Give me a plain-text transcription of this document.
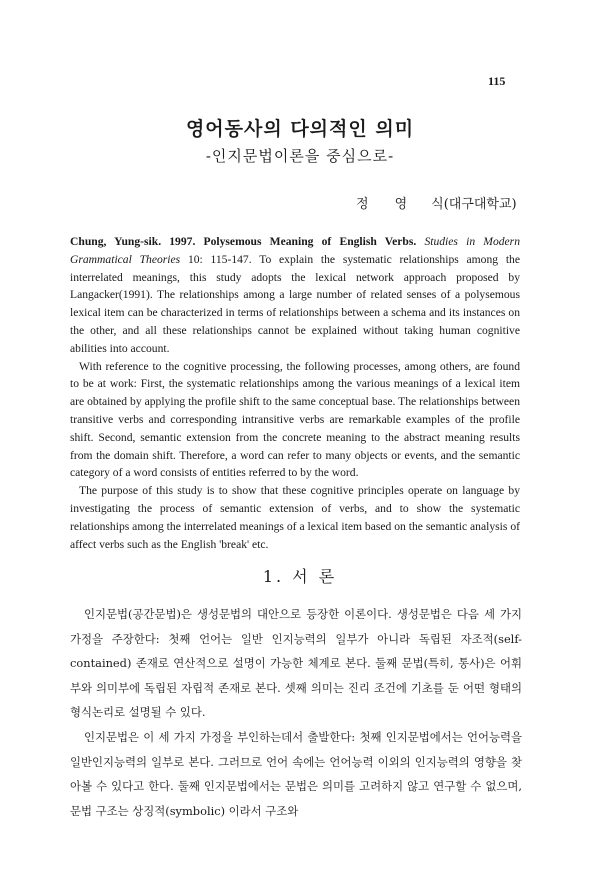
115
영어동사의 다의적인 의미
-인지문법이론을 중심으로-
정 영 식(대구대학교)

Chung, Yung-sik. 1997. Polysemous Meaning of English Verbs. Studies in Modern Grammatical Theories 10: 115-147. To explain the systematic relationships among the interrelated meanings, this study adopts the lexical network approach proposed by Langacker(1991). The relationships among a large number of related senses of a polysemous lexical item can be characterized in terms of relationships between a schema and its instances on the other, and all these relationships cannot be explained without taking human cognitive abilities into account.

With reference to the cognitive processing, the following processes, among others, are found to be at work: First, the systematic relationships among the various meanings of a lexical item are obtained by applying the profile shift to the same conceptual base. The relationships between transitive verbs and corresponding intransitive verbs are remarkable examples of the profile shift. Second, semantic extension from the concrete meaning to the abstract meaning results from the domain shift. Therefore, a word can refer to many objects or events, and the semantic category of a word consists of entities referred to by the word.

The purpose of this study is to show that these cognitive principles operate on language by investigating the process of semantic extension of verbs, and to show the systematic relationships among the interrelated meanings of a lexical item based on the semantic analysis of affect verbs such as the English 'break' etc.

1. 서 론

인지문법(공간문법)은 생성문법의 대안으로 등장한 이론이다. 생성문법은 다음 세 가지 가정을 주장한다: 첫째 언어는 일반 인지능력의 일부가 아니라 독립된 자조적(self-contained) 존재로 연산적으로 설명이 가능한 체계로 본다. 둘째 문법(특히, 통사)은 어휘부와 의미부에 독립된 자립적 존재로 본다. 셋째 의미는 진리 조건에 기초를 둔 어떤 형태의 형식논리로 설명될 수 있다.

인지문법은 이 세 가지 가정을 부인하는데서 출발한다: 첫째 인지문법에서는 언어능력을 일반인지능력의 일부로 본다. 그러므로 언어 속에는 언어능력 이외의 인지능력의 영향을 찾아볼 수 있다고 한다. 둘째 인지문법에서는 문법은 의미를 고려하지 않고 연구할 수 없으며, 문법 구조는 상징적(symbolic) 이라서 구조와
